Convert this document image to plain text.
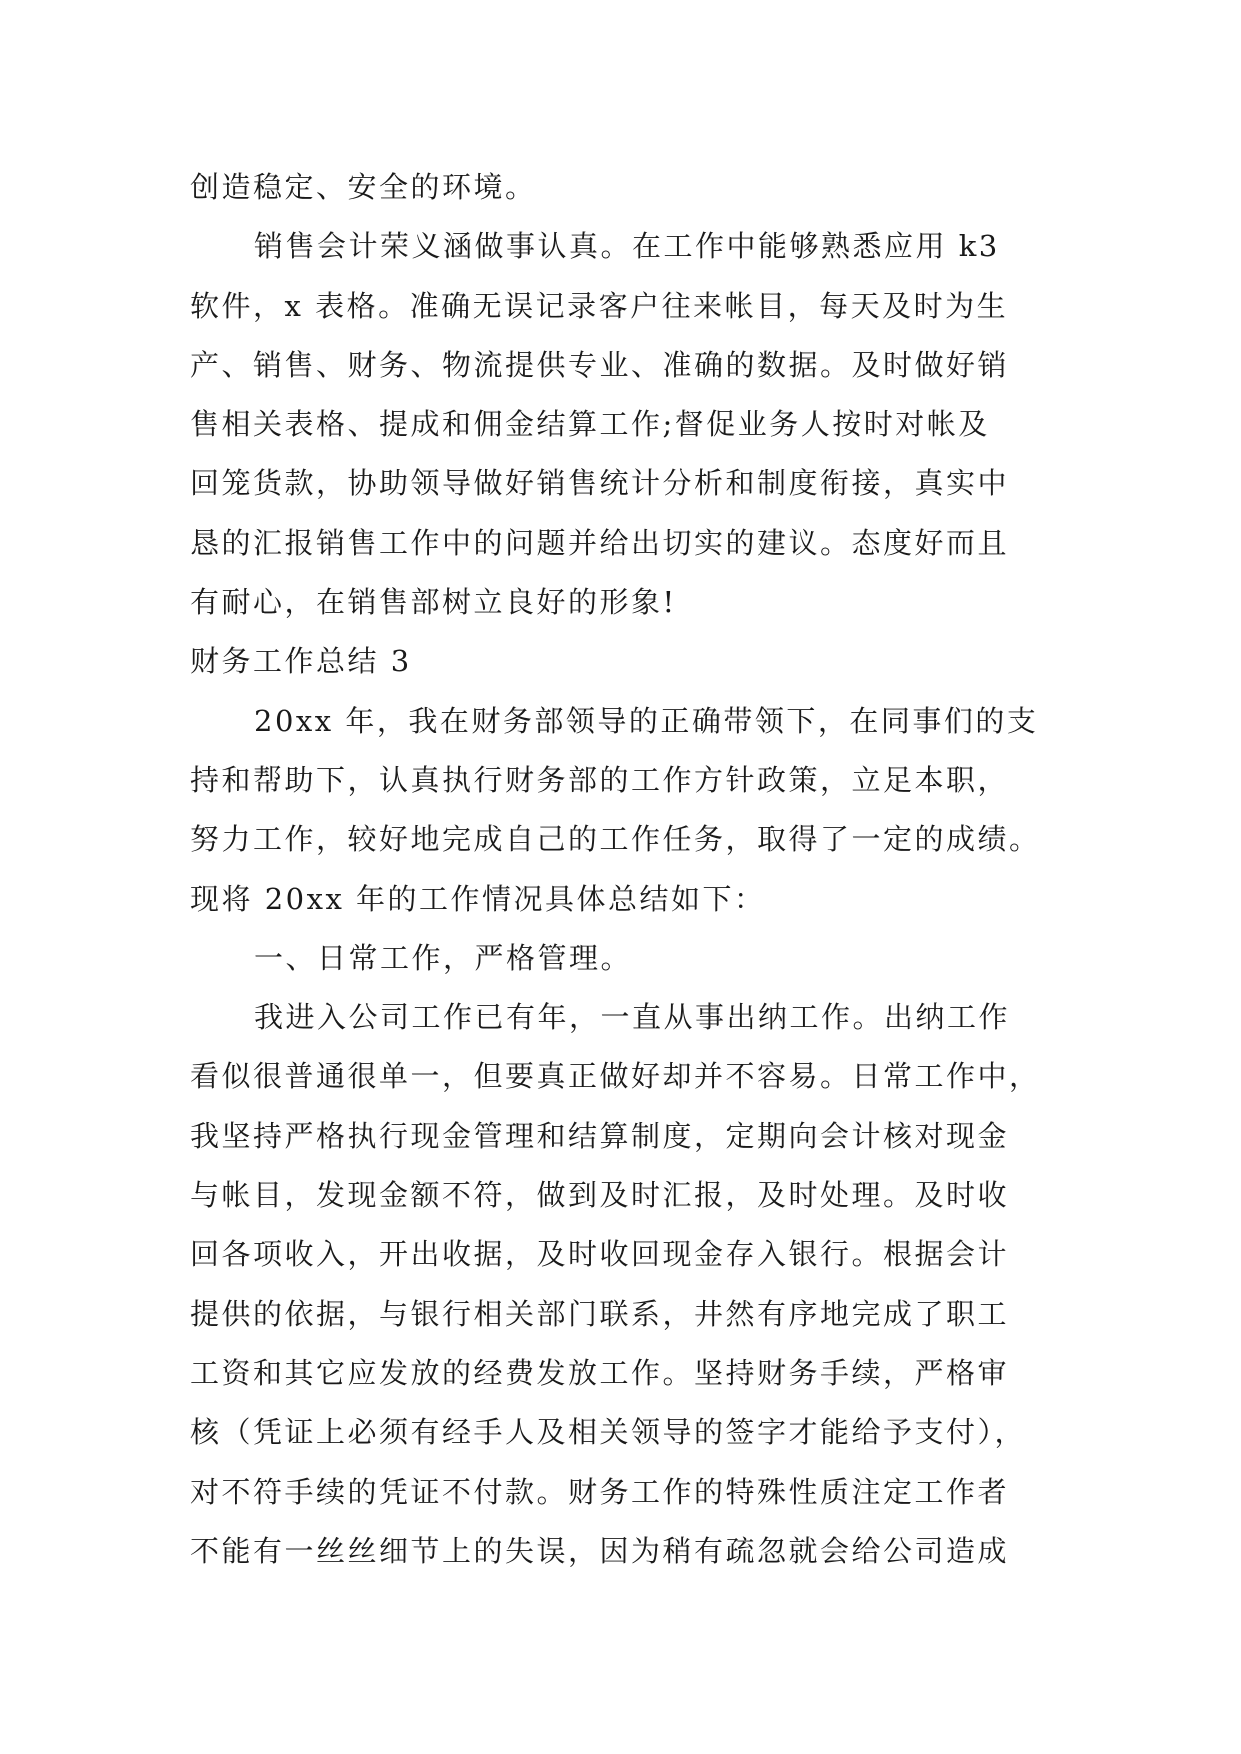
创造稳定、安全的环境。
销售会计荣义涵做事认真。在工作中能够熟悉应用 k3
软件，x 表格。准确无误记录客户往来帐目，每天及时为生
产、销售、财务、物流提供专业、准确的数据。及时做好销
售相关表格、提成和佣金结算工作;督促业务人按时对帐及
回笼货款，协助领导做好销售统计分析和制度衔接，真实中
恳的汇报销售工作中的问题并给出切实的建议。态度好而且
有耐心，在销售部树立良好的形象!
财务工作总结 3
20xx 年，我在财务部领导的正确带领下，在同事们的支
持和帮助下，认真执行财务部的工作方针政策，立足本职，
努力工作，较好地完成自己的工作任务，取得了一定的成绩。
现将 20xx 年的工作情况具体总结如下：
一、日常工作，严格管理。
我进入公司工作已有年，一直从事出纳工作。出纳工作
看似很普通很单一，但要真正做好却并不容易。日常工作中，
我坚持严格执行现金管理和结算制度，定期向会计核对现金
与帐目，发现金额不符，做到及时汇报，及时处理。及时收
回各项收入，开出收据，及时收回现金存入银行。根据会计
提供的依据，与银行相关部门联系，井然有序地完成了职工
工资和其它应发放的经费发放工作。坚持财务手续，严格审
核（凭证上必须有经手人及相关领导的签字才能给予支付），
对不符手续的凭证不付款。财务工作的特殊性质注定工作者
不能有一丝丝细节上的失误，因为稍有疏忽就会给公司造成
